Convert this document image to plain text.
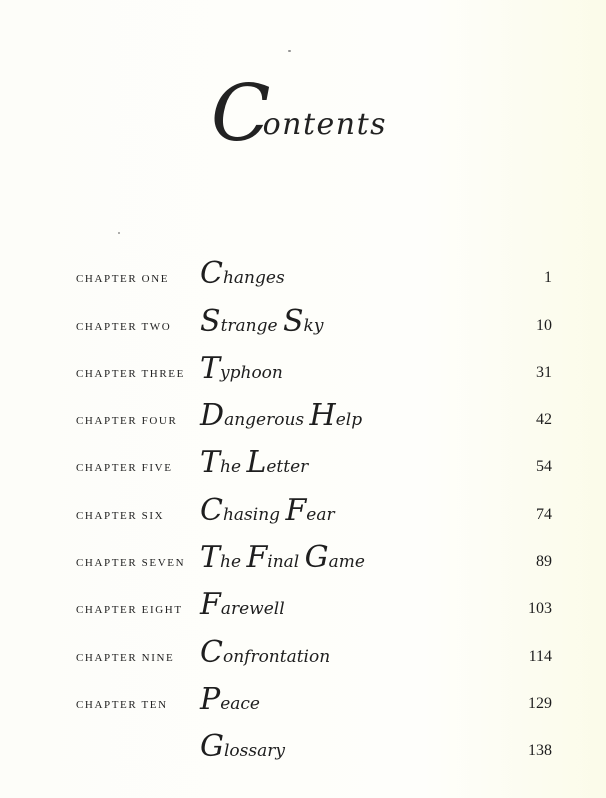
Contents
CHAPTER ONE Changes	1
CHAPTER TWO Strange Sky	10
CHAPTER THREE Typhoon	31
CHAPTER FOUR Dangerous Help	42
CHAPTER FIVE The Letter	54
CHAPTER SIX Chasing Fear	74
CHAPTER SEVEN The Final Game	89
CHAPTER EIGHT Farewell	103
CHAPTER NINE Confrontation	114
CHAPTER TEN Peace	129
Glossary	138
